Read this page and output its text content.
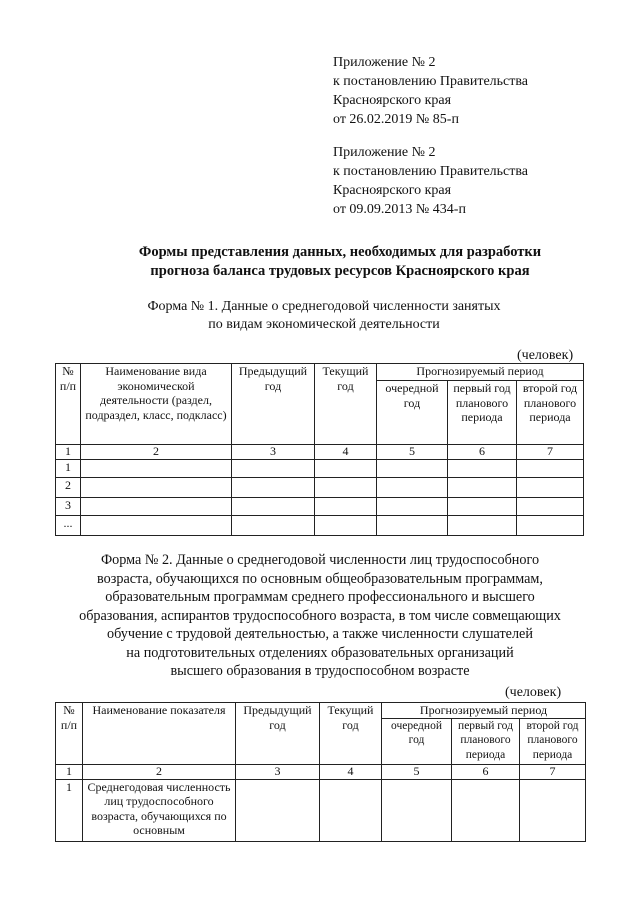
Приложение № 2
к постановлению Правительства
Красноярского края
от 26.02.2019 № 85-п
Приложение № 2
к постановлению Правительства
Красноярского края
от 09.09.2013 № 434-п
Формы представления данных, необходимых для разработки
прогноза баланса трудовых ресурсов Красноярского края
Форма № 1. Данные о среднегодовой численности занятых
по видам экономической деятельности
(человек)
№ п/п	Наименование вида экономической деятельности (раздел, подраздел, класс, подкласс)	Предыдущий год	Текущий год	Прогнозируемый период		
				очередной год	первый год планового периода	второй год планового периода
1	2	3	4	5	6	7
1						
2						
3						
...						
Форма № 2. Данные о среднегодовой численности лиц трудоспособного
возраста, обучающихся по основным общеобразовательным программам,
образовательным программам среднего профессионального и высшего
образования, аспирантов трудоспособного возраста, в том числе совмещающих
обучение с трудовой деятельностью, а также численности слушателей
на подготовительных отделениях образовательных организаций
высшего образования в трудоспособном возрасте
(человек)
№ п/п	Наименование показателя	Предыдущий год	Текущий год	Прогнозируемый период		
				очередной год	первый год планового периода	второй год планового периода
1	2	3	4	5	6	7
1	Среднегодовая численность лиц трудоспособного возраста, обучающихся по основным					
